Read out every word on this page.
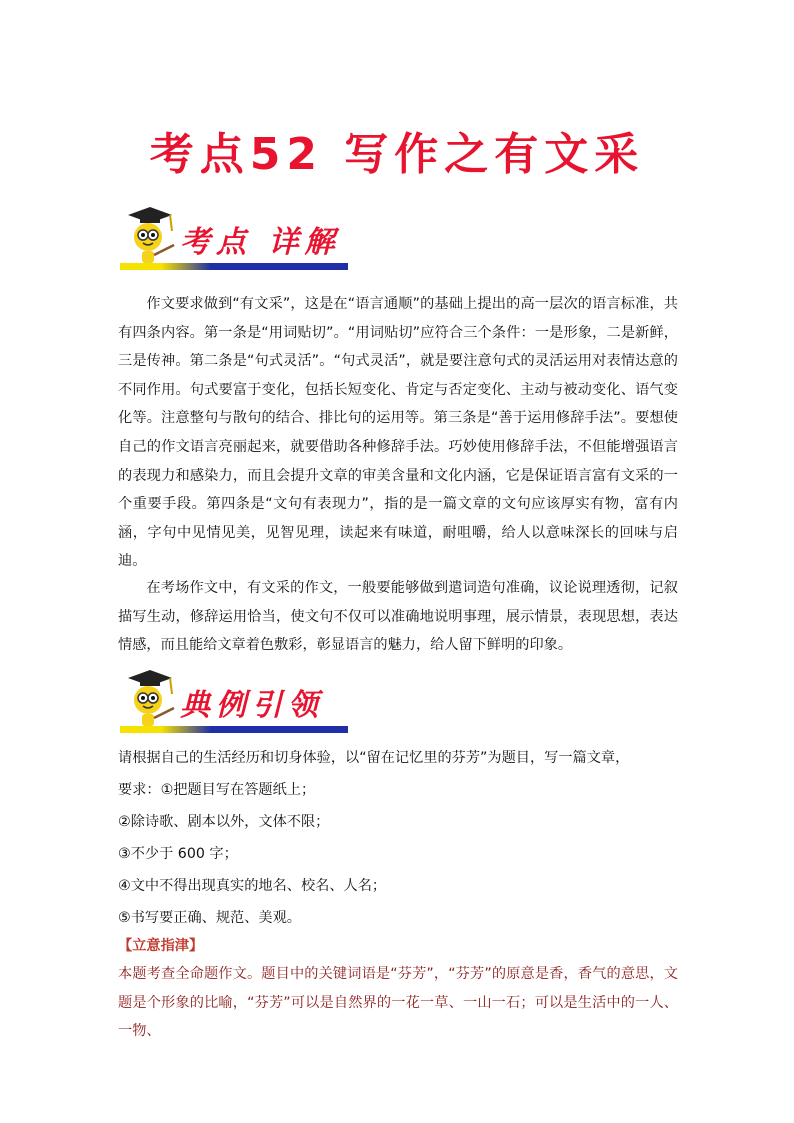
考点52 写作之有文采
考点 详解

作文要求做到“有文采”，这是在“语言通顺”的基础上提出的高一层次的语言标准，共有四条内容。第一条是“用词贴切”。“用词贴切”应符合三个条件：一是形象，二是新鲜，三是传神。第二条是“句式灵活”。“句式灵活”，就是要注意句式的灵活运用对表情达意的不同作用。句式要富于变化，包括长短变化、肯定与否定变化、主动与被动变化、语气变化等。注意整句与散句的结合、排比句的运用等。第三条是“善于运用修辞手法”。要想使自己的作文语言亮丽起来，就要借助各种修辞手法。巧妙使用修辞手法，不但能增强语言的表现力和感染力，而且会提升文章的审美含量和文化内涵，它是保证语言富有文采的一个重要手段。第四条是“文句有表现力”，指的是一篇文章的文句应该厚实有物，富有内涵，字句中见情见美，见智见理，读起来有味道，耐咀嚼，给人以意味深长的回味与启迪。

在考场作文中，有文采的作文，一般要能够做到遣词造句准确，议论说理透彻，记叙描写生动，修辞运用恰当，使文句不仅可以准确地说明事理，展示情景，表现思想，表达情感，而且能给文章着色敷彩，彰显语言的魅力，给人留下鲜明的印象。

典例引领

请根据自己的生活经历和切身体验，以“留在记忆里的芬芳”为题目，写一篇文章，

要求：①把题目写在答题纸上；

②除诗歌、剧本以外，文体不限；

③不少于 600 字；

④文中不得出现真实的地名、校名、人名；

⑤书写要正确、规范、美观。

【立意指津】

本题考查全命题作文。题目中的关键词语是“芬芳”，“芬芳”的原意是香，香气的意思，文题是个形象的比喻，“芬芳”可以是自然界的一花一草、一山一石；可以是生活中的一人、一物、
